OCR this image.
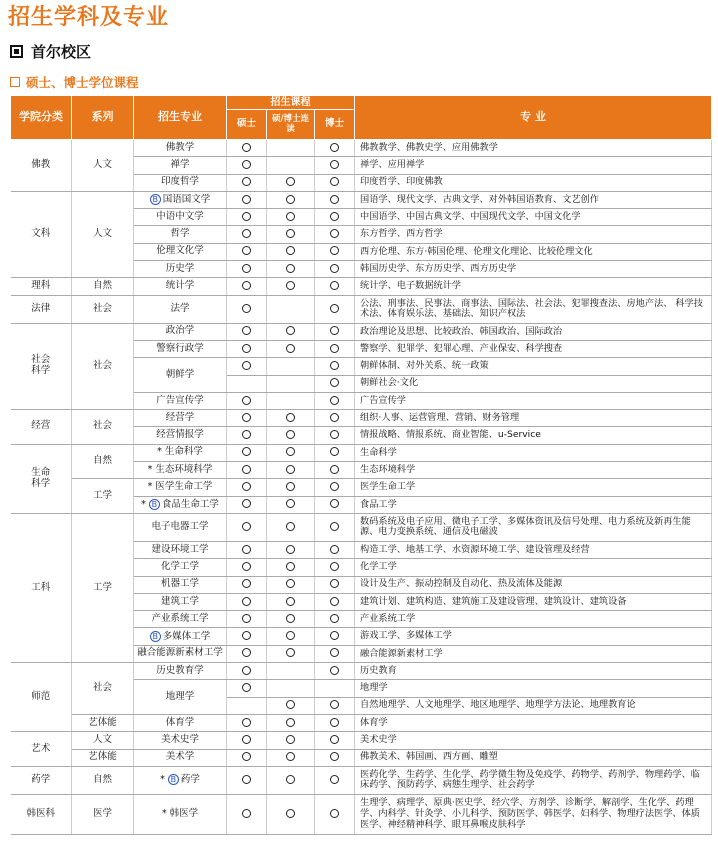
招生学科及专业
首尔校区
硕士、博士学位课程
学院分类	系列	招生专业	招生课程			专 业
			硕士	硕/博士连读	博士	
佛教	人文	佛教学				佛教教学、佛教史学、应用佛教学
		禅学				禅学、应用禅学
		印度哲学				印度哲学、印度佛教
文科	人文	B 国语国文学				国语学、现代文学、古典文学、对外韩国语教育、文艺创作
		中语中文学				中国语学、中国古典文学、中国现代文学、中国文化学
		哲学				东方哲学、西方哲学
		伦理文化学				西方伦理、东方·韩国伦理、伦理文化理论、比较伦理文化
		历史学				韩国历史学、东方历史学、西方历史学
理科	自然	统计学				统计学、电子数据统计学
法律	社会	法学				公法、刑事法、民事法、商事法、国际法、社会法、犯罪搜查法、房地产法、 科学技术法、体育娱乐法、基础法、知识产权法
社会科学	社会	政治学				政治理论及思想、比较政治、韩国政治、国际政治
		警察行政学				警察学、犯罪学、犯罪心理、产业保安、科学搜查
		朝鲜学				朝鲜体制、对外关系、统一政策
						朝鲜社会·文化
		广告宣传学				广告宣传学
经营	社会	经营学				组织·人事、运营管理、营销、财务管理
		经营情报学				情报战略、情报系统、商业智能、u-Service
生命科学	自然	* 生命科学				生命科学
		* 生态环境科学				生态环境科学
	工学	* 医学生命工学				医学生命工学
		* B 食品生命工学				食品工学
工科	工学	电子电器工学				数码系统及电子应用、微电子工学、多媒体资讯及信号处理、电力系统及新再生能源、电力变换系统、通信及电磁波
		建设环境工学				构造工学、地基工学、水资源环境工学、建设管理及经营
		化学工学				化学工学
		机器工学				设计及生产、振动控制及自动化、热及流体及能源
		建筑工学				建筑计划、建筑构造、建筑施工及建设管理、建筑设计、建筑设备
		产业系统工学				产业系统工学
		B 多媒体工学				游戏工学、多媒体工学
		融合能源新素材工学				融合能源新素材工学
师范	社会	历史教育学				历史教育
		地理学				地理学
						自然地理学、人文地理学、地区地理学、地理学方法论、地理教育论
	艺体能	体育学				体育学
艺术	人文	美术史学				美术史学
	艺体能	美术学				佛教美术、韩国画、西方画、雕塑
药学	自然	* B 药学				医药化学、生药学、生化学、药学微生物及免疫学、药物学、药剂学、物理药学、临床药学、预防药学、病態生理学、社会药学
韩医科	医学	* 韩医学				生理学、病理学、原典·医史学、经穴学、方剂学、诊断学、解剖学、生化学、药理学、内科学、针灸学、小儿科学、预防医学、韩医学、妇科学、物理疗法医学、体质医学、神经精神科学、眼耳鼻喉皮肤科学
